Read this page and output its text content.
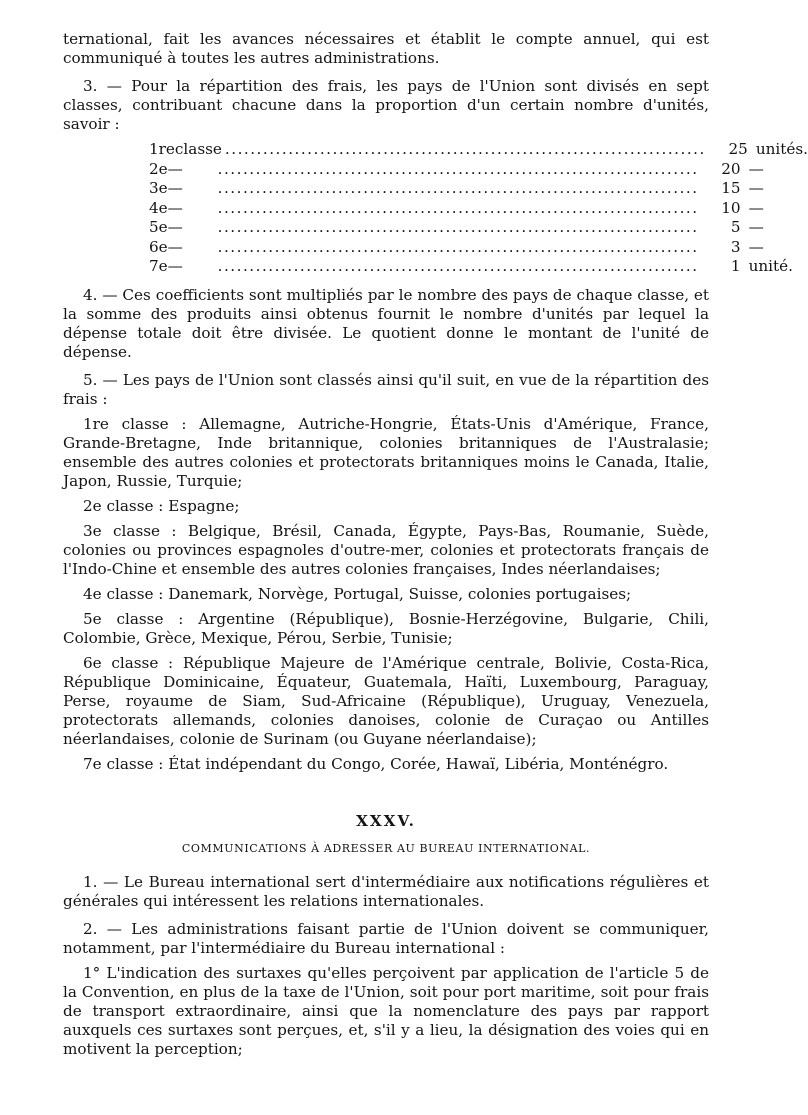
ternational, fait les avances nécessaires et établit le compte annuel, qui est communiqué à toutes les autres administrations.

3. — Pour la répartition des frais, les pays de l'Union sont divisés en sept classes, contribuant chacune dans la proportion d'un certain nombre d'unités, savoir :

1re classe ............................................................................	25 unités.
2e —	............................................................................	20 —
3e —	............................................................................	15 —
4e —	............................................................................	10 —
5e —	............................................................................	5 —
6e —	............................................................................	3 —
7e —	............................................................................	1 unité.

4. — Ces coefficients sont multipliés par le nombre des pays de chaque classe, et la somme des produits ainsi obtenus fournit le nombre d'unités par lequel la dépense totale doit être divisée. Le quotient donne le montant de l'unité de dépense.

5. — Les pays de l'Union sont classés ainsi qu'il suit, en vue de la répartition des frais :

1re classe : Allemagne, Autriche-Hongrie, États-Unis d'Amérique, France, Grande-Bretagne, Inde britannique, colonies britanniques de l'Australasie; ensemble des autres colonies et protectorats britanniques moins le Canada, Italie, Japon, Russie, Turquie;

2e classe : Espagne;

3e classe : Belgique, Brésil, Canada, Égypte, Pays-Bas, Roumanie, Suède, colonies ou provinces espagnoles d'outre-mer, colonies et protectorats français de l'Indo-Chine et ensemble des autres colonies françaises, Indes néerlandaises;

4e classe : Danemark, Norvège, Portugal, Suisse, colonies portugaises;

5e classe : Argentine (République), Bosnie-Herzégovine, Bulgarie, Chili, Colombie, Grèce, Mexique, Pérou, Serbie, Tunisie;

6e classe : République Majeure de l'Amérique centrale, Bolivie, Costa-Rica, République Dominicaine, Équateur, Guatemala, Haïti, Luxembourg, Paraguay, Perse, royaume de Siam, Sud-Africaine (République), Uruguay, Venezuela, protectorats allemands, colonies danoises, colonie de Curaçao ou Antilles néerlandaises, colonie de Surinam (ou Guyane néerlandaise);

7e classe : État indépendant du Congo, Corée, Hawaï, Libéria, Monténégro.

XXXV.
COMMUNICATIONS À ADRESSER AU BUREAU INTERNATIONAL.

1. — Le Bureau international sert d'intermédiaire aux notifications régulières et générales qui intéressent les relations internationales.

2. — Les administrations faisant partie de l'Union doivent se communiquer, notamment, par l'intermédiaire du Bureau international :

1° L'indication des surtaxes qu'elles perçoivent par application de l'article 5 de la Convention, en plus de la taxe de l'Union, soit pour port maritime, soit pour frais de transport extraordinaire, ainsi que la nomenclature des pays par rapport auxquels ces surtaxes sont perçues, et, s'il y a lieu, la désignation des voies qui en motivent la perception;
